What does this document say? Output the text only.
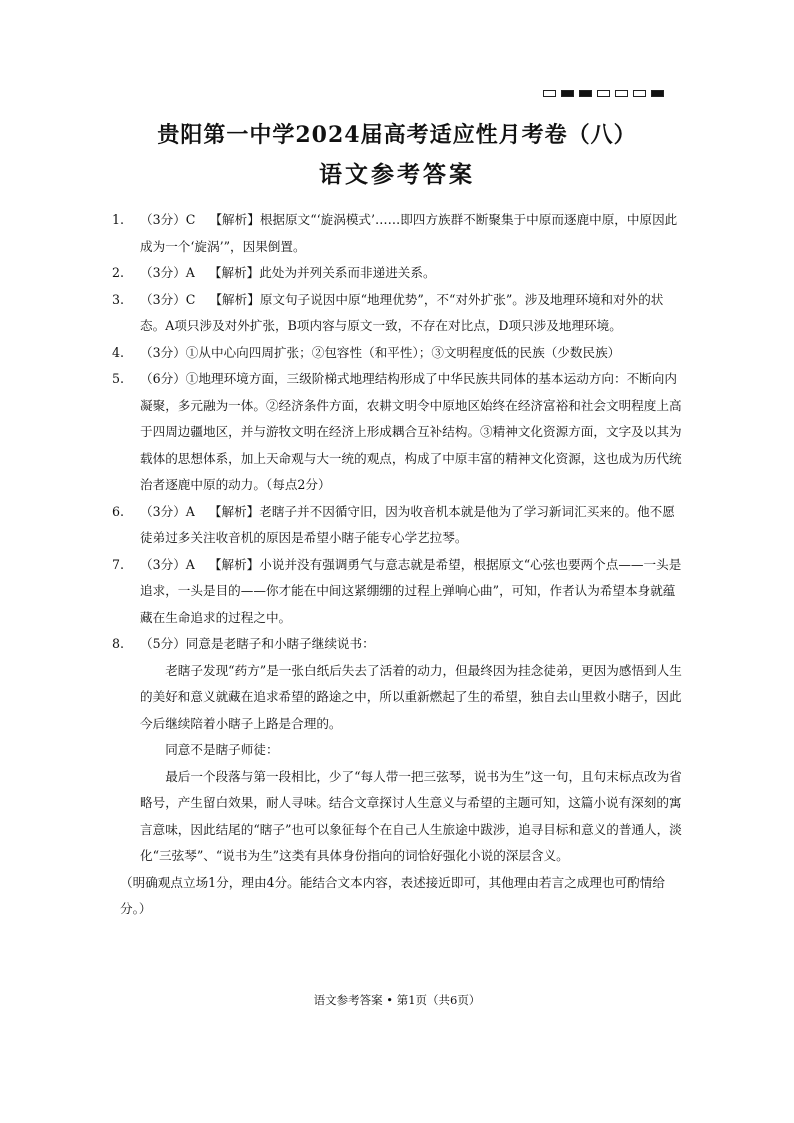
贵阳第一中学2024届高考适应性月考卷（八）
语文参考答案
1. （3分）C 【解析】根据原文“‘旋涡模式’……即四方族群不断聚集于中原而逐鹿中原，中原因此成为一个‘旋涡’”，因果倒置。
2. （3分）A 【解析】此处为并列关系而非递进关系。
3. （3分）C 【解析】原文句子说因中原“地理优势”，不“对外扩张”。涉及地理环境和对外的状态。A项只涉及对外扩张，B项内容与原文一致，不存在对比点，D项只涉及地理环境。
4. （3分）①从中心向四周扩张；②包容性（和平性）；③文明程度低的民族（少数民族）
5. （6分）①地理环境方面，三级阶梯式地理结构形成了中华民族共同体的基本运动方向：不断向内凝聚，多元融为一体。②经济条件方面，农耕文明令中原地区始终在经济富裕和社会文明程度上高于四周边疆地区，并与游牧文明在经济上形成耦合互补结构。③精神文化资源方面，文字及以其为载体的思想体系，加上天命观与大一统的观点，构成了中原丰富的精神文化资源，这也成为历代统治者逐鹿中原的动力。（每点2分）
6. （3分）A 【解析】老瞎子并不因循守旧，因为收音机本就是他为了学习新词汇买来的。他不愿徒弟过多关注收音机的原因是希望小瞎子能专心学艺拉琴。
7. （3分）A 【解析】小说并没有强调勇气与意志就是希望，根据原文“心弦也要两个点——一头是追求，一头是目的——你才能在中间这紧绷绷的过程上弹响心曲”，可知，作者认为希望本身就蕴藏在生命追求的过程之中。
8. （5分）同意是老瞎子和小瞎子继续说书：
老瞎子发现“药方”是一张白纸后失去了活着的动力，但最终因为挂念徒弟，更因为感悟到人生的美好和意义就藏在追求希望的路途之中，所以重新燃起了生的希望，独自去山里救小瞎子，因此今后继续陪着小瞎子上路是合理的。
同意不是瞎子师徒：
最后一个段落与第一段相比，少了“每人带一把三弦琴，说书为生”这一句，且句末标点改为省略号，产生留白效果，耐人寻味。结合文章探讨人生意义与希望的主题可知，这篇小说有深刻的寓言意味，因此结尾的“瞎子”也可以象征每个在自己人生旅途中跋涉，追寻目标和意义的普通人，淡化“三弦琴”、“说书为生”这类有具体身份指向的词恰好强化小说的深层含义。
（明确观点立场1分，理由4分。能结合文本内容，表述接近即可，其他理由若言之成理也可酌情给分。）
语文参考答案 • 第1页（共6页）
